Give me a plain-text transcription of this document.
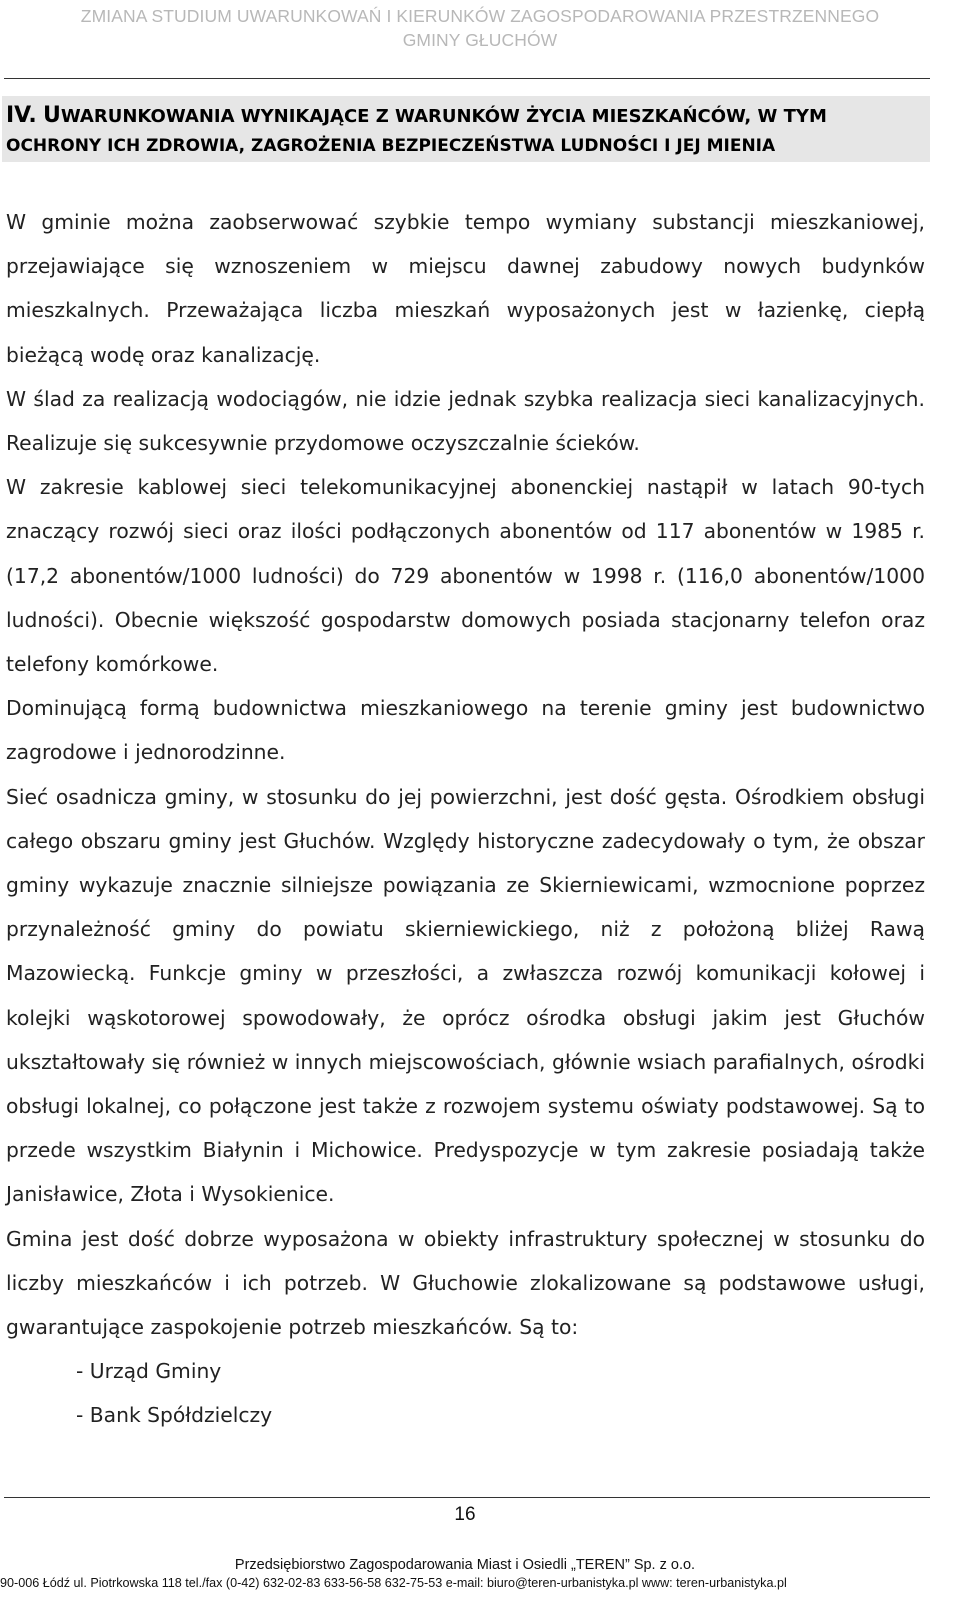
ZMIANA STUDIUM UWARUNKOWAŃ I KIERUNKÓW ZAGOSPODAROWANIA PRZESTRZENNEGO
GMINY GŁUCHÓW
IV. UWARUNKOWANIA WYNIKAJĄCE Z WARUNKÓW ŻYCIA MIESZKAŃCÓW, W TYM
OCHRONY ICH ZDROWIA, ZAGROŻENIA BEZPIECZEŃSTWA LUDNOŚCI I JEJ MIENIA

W gminie można zaobserwować szybkie tempo wymiany substancji mieszkaniowej, przejawiające się wznoszeniem w miejscu dawnej zabudowy nowych budynków mieszkalnych. Przeważająca liczba mieszkań wyposażonych jest w łazienkę, ciepłą bieżącą wodę oraz kanalizację.

W ślad za realizacją wodociągów, nie idzie jednak szybka realizacja sieci kanalizacyjnych. Realizuje się sukcesywnie przydomowe oczyszczalnie ścieków.

W zakresie kablowej sieci telekomunikacyjnej abonenckiej nastąpił w latach 90-tych znaczący rozwój sieci oraz ilości podłączonych abonentów od 117 abonentów w 1985 r. (17,2 abonentów/1000 ludności) do 729 abonentów w 1998 r. (116,0 abonentów/1000 ludności). Obecnie większość gospodarstw domowych posiada stacjonarny telefon oraz telefony komórkowe.

Dominującą formą budownictwa mieszkaniowego na terenie gminy jest budownictwo zagrodowe i jednorodzinne.

Sieć osadnicza gminy, w stosunku do jej powierzchni, jest dość gęsta. Ośrodkiem obsługi całego obszaru gminy jest Głuchów. Względy historyczne zadecydowały o tym, że obszar gminy wykazuje znacznie silniejsze powiązania ze Skierniewicami, wzmocnione poprzez przynależność gminy do powiatu skierniewickiego, niż z położoną bliżej Rawą Mazowiecką. Funkcje gminy w przeszłości, a zwłaszcza rozwój komunikacji kołowej i kolejki wąskotorowej spowodowały, że oprócz ośrodka obsługi jakim jest Głuchów ukształtowały się również w innych miejscowościach, głównie wsiach parafialnych, ośrodki obsługi lokalnej, co połączone jest także z rozwojem systemu oświaty podstawowej. Są to przede wszystkim Białynin i Michowice. Predyspozycje w tym zakresie posiadają także Janisławice, Złota i Wysokienice.

Gmina jest dość dobrze wyposażona w obiekty infrastruktury społecznej w stosunku do liczby mieszkańców i ich potrzeb. W Głuchowie zlokalizowane są podstawowe usługi, gwarantujące zaspokojenie potrzeb mieszkańców. Są to:

- Urząd Gminy

- Bank Spółdzielczy

16
Przedsiębiorstwo Zagospodarowania Miast i Osiedli „TEREN” Sp. z o.o.
90-006 Łódź ul. Piotrkowska 118 tel./fax (0-42) 632-02-83 633-56-58 632-75-53 e-mail: biuro@teren-urbanistyka.pl www: teren-urbanistyka.pl
